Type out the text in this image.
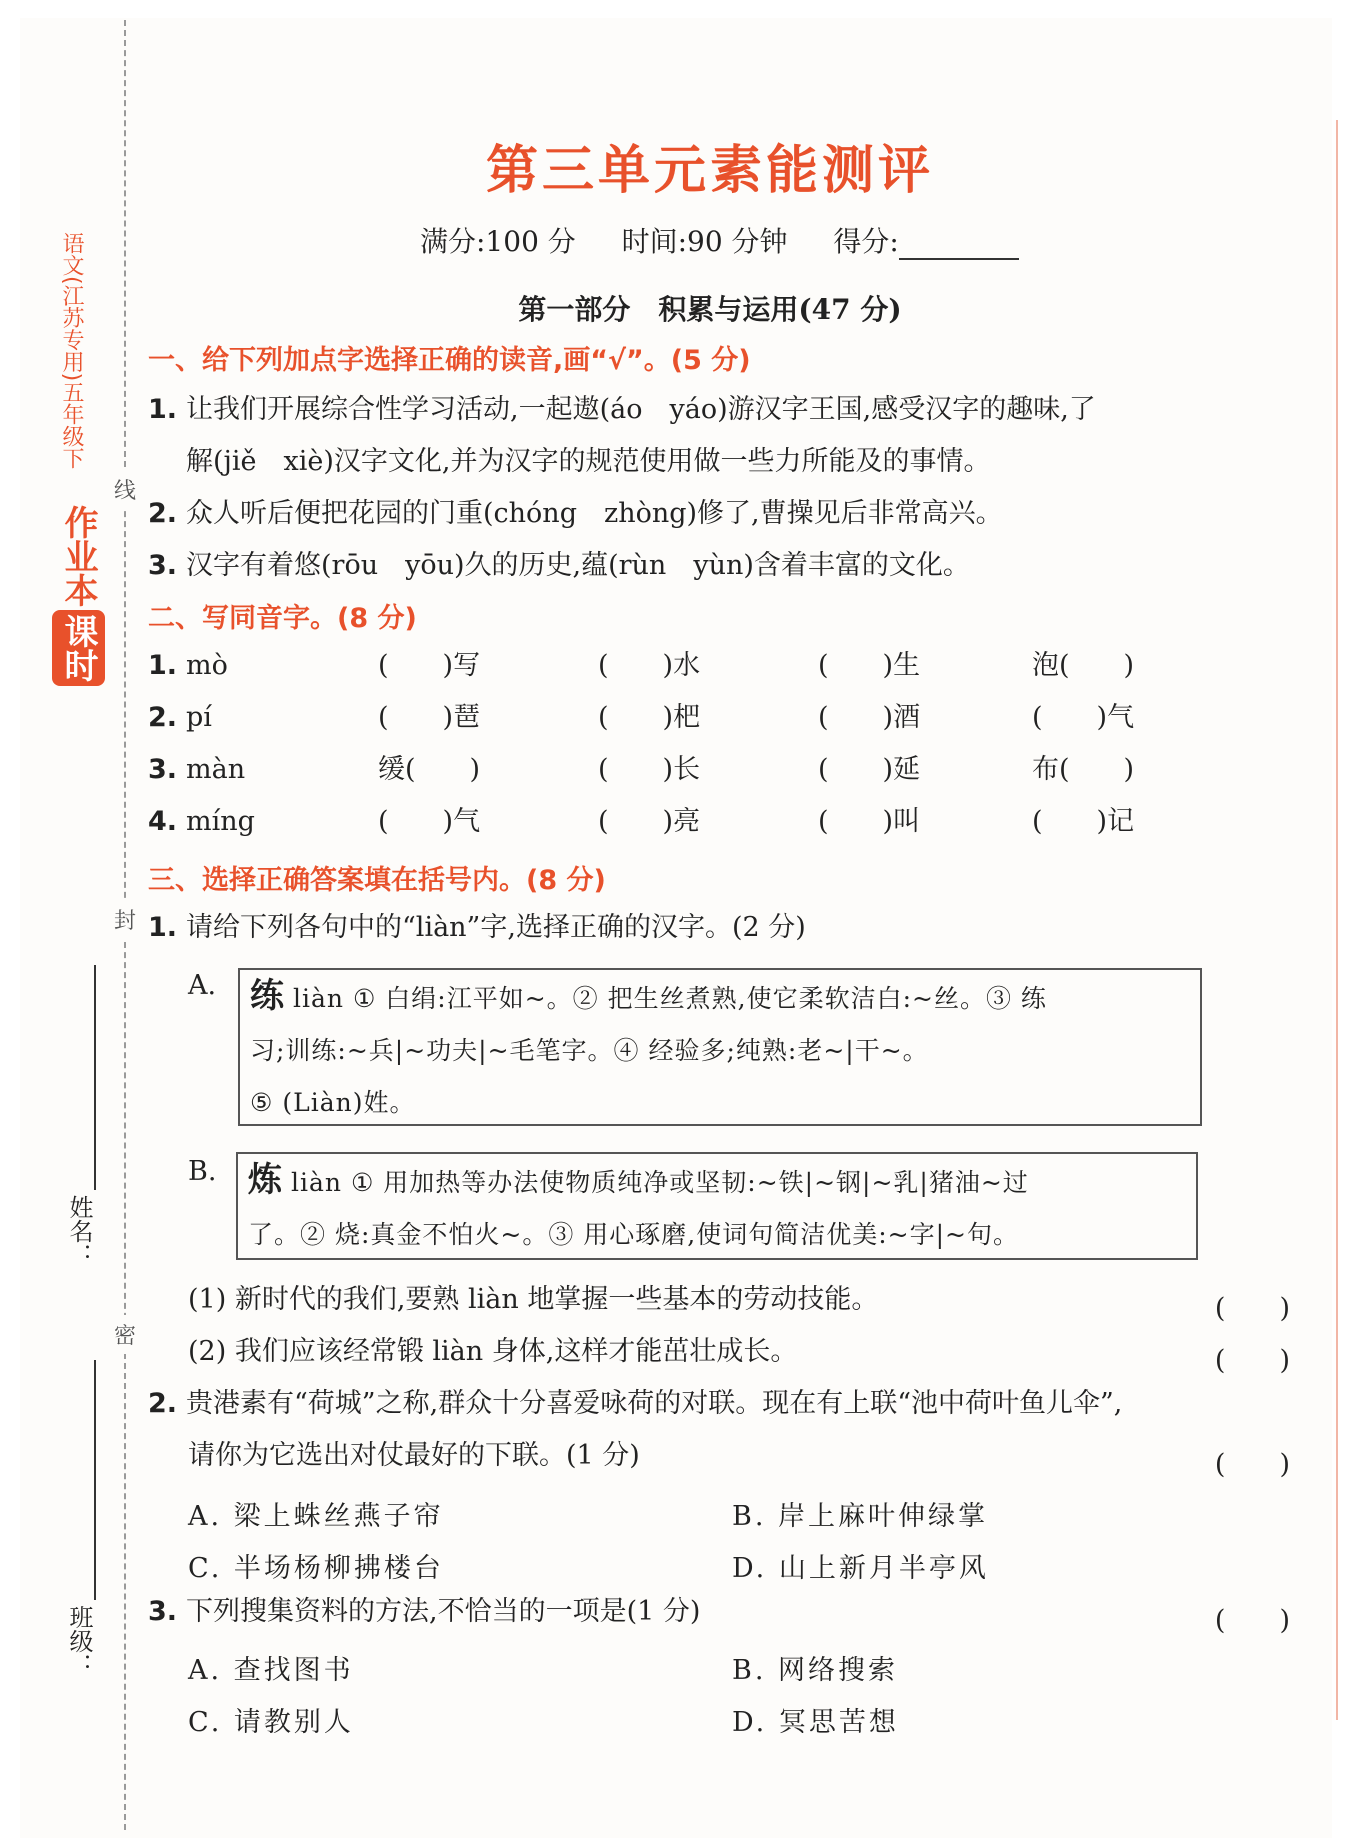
线
封
密
语文(江苏专用)五年级下
作业本
课时
姓名：
班级：
第三单元素能测评
满分:100 分 时间:90 分钟 得分:
第一部分　积累与运用(47 分)
一、给下列加点字选择正确的读音,画“√”。(5 分)
1. 让我们开展综合性学习活动,一起遨(áo　yáo)游汉字王国,感受汉字的趣味,了
解(jiě　xiè)汉字文化,并为汉字的规范使用做一些力所能及的事情。
2. 众人听后便把花园的门重(chóng　zhòng)修了,曹操见后非常高兴。
3. 汉字有着悠(rōu　yōu)久的历史,蕴(rùn　yùn)含着丰富的文化。
二、写同音字。(8 分)
1. mò	(　　)写	(　　)水	(　　)生	泡(　　)
2. pí	(　　)琶	(　　)杷	(　　)酒	(　　)气
3. màn	缓(　　)	(　　)长	(　　)延	布(　　)
4. míng	(　　)气	(　　)亮	(　　)叫	(　　)记
三、选择正确答案填在括号内。(8 分)
1. 请给下列各句中的“liàn”字,选择正确的汉字。(2 分)
A. 练 liàn ① 白绢:江平如~。② 把生丝煮熟,使它柔软洁白:~丝。③ 练
习;训练:~兵|~功夫|~毛笔字。④ 经验多;纯熟:老~|干~。
⑤ (Liàn)姓。
B. 炼 liàn ① 用加热等办法使物质纯净或坚韧:~铁|~钢|~乳|猪油~过
了。② 烧:真金不怕火~。③ 用心琢磨,使词句简洁优美:~字|~句。
(1) 新时代的我们,要熟 liàn 地掌握一些基本的劳动技能。	(　　)
(2) 我们应该经常锻 liàn 身体,这样才能茁壮成长。	(　　)
2. 贵港素有“荷城”之称,群众十分喜爱咏荷的对联。现在有上联“池中荷叶鱼儿伞”,
请你为它选出对仗最好的下联。(1 分)	(　　)
A. 梁上蛛丝燕子帘	B. 岸上麻叶伸绿掌
C. 半场杨柳拂楼台	D. 山上新月半亭风
3. 下列搜集资料的方法,不恰当的一项是(1 分)	(　　)
A. 查找图书	B. 网络搜索
C. 请教别人	D. 冥思苦想
